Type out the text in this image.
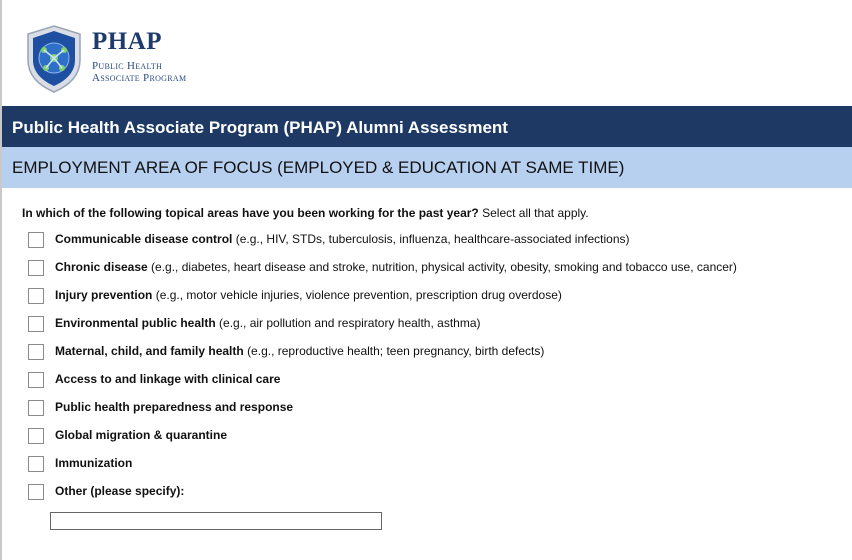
PHAP
Public Health
Associate Program
Public Health Associate Program (PHAP) Alumni Assessment
EMPLOYMENT AREA OF FOCUS (EMPLOYED & EDUCATION AT SAME TIME)
In which of the following topical areas have you been working for the past year? Select all that apply.
Communicable disease control (e.g., HIV, STDs, tuberculosis, influenza, healthcare-associated infections)
Chronic disease (e.g., diabetes, heart disease and stroke, nutrition, physical activity, obesity, smoking and tobacco use, cancer)
Injury prevention (e.g., motor vehicle injuries, violence prevention, prescription drug overdose)
Environmental public health (e.g., air pollution and respiratory health, asthma)
Maternal, child, and family health (e.g., reproductive health; teen pregnancy, birth defects)
Access to and linkage with clinical care
Public health preparedness and response
Global migration & quarantine
Immunization
Other (please specify):
